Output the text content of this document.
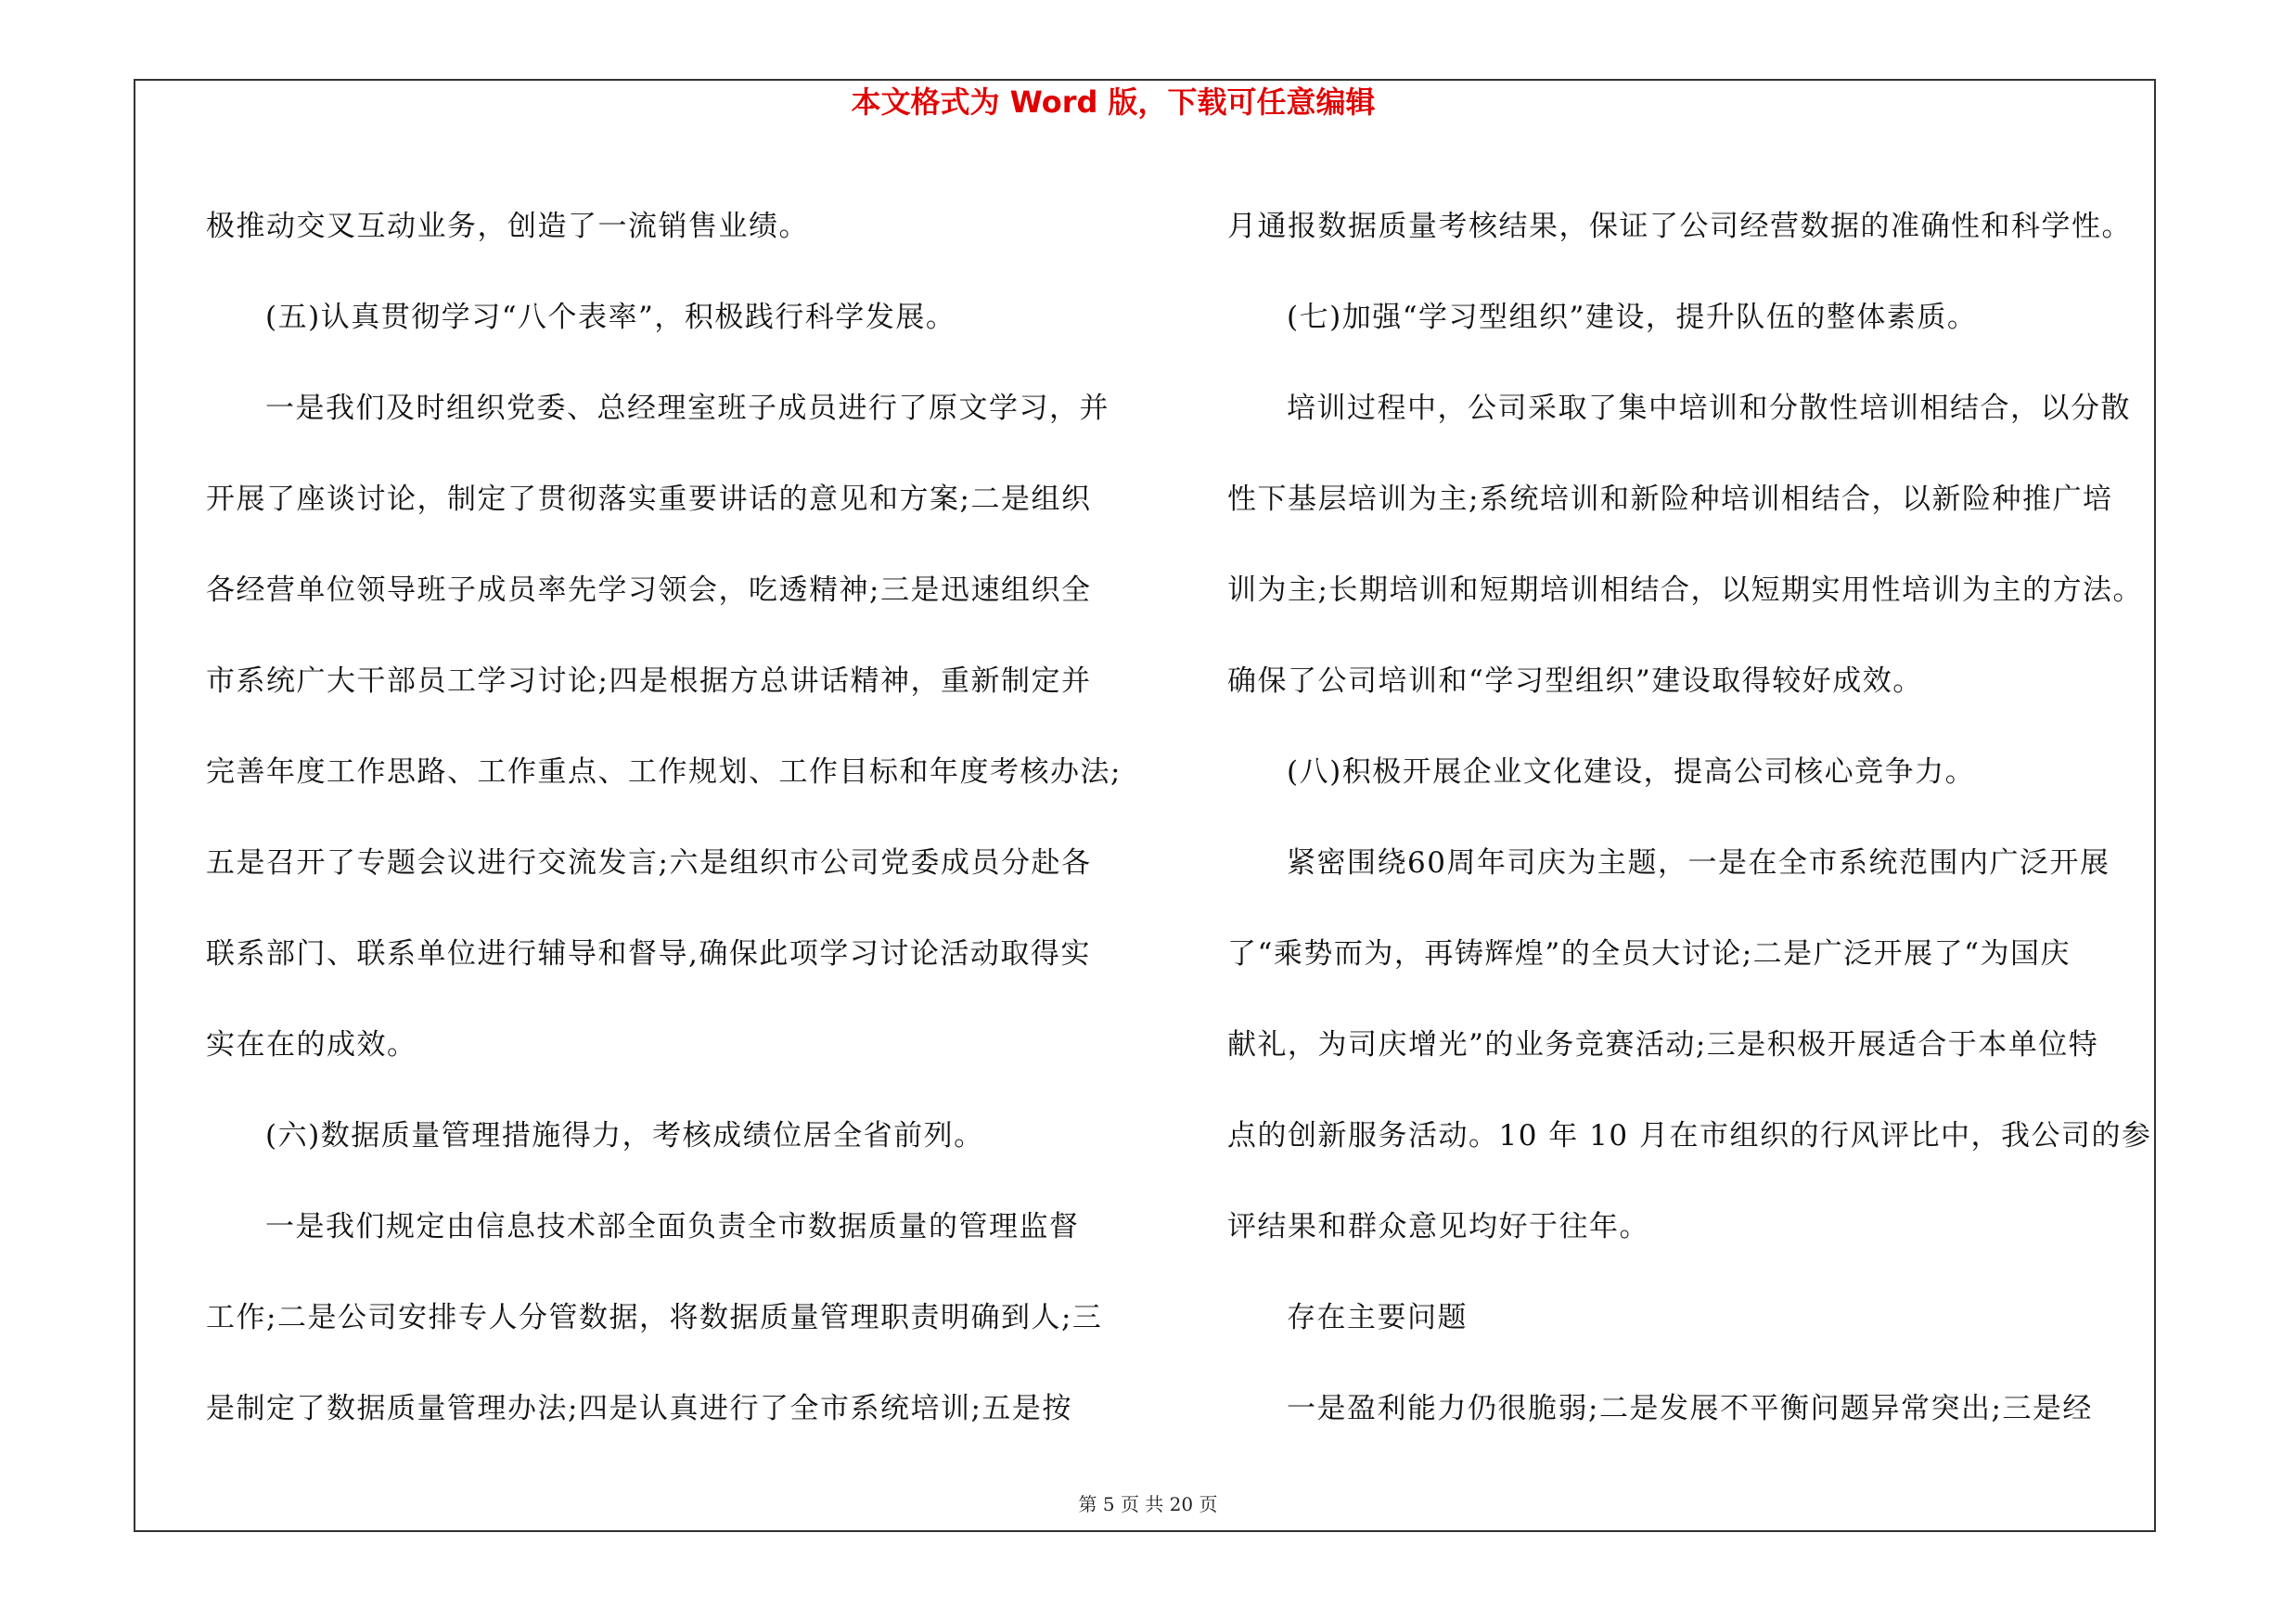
本文格式为 Word 版，下载可任意编辑
极推动交叉互动业务，创造了一流销售业绩。
(五)认真贯彻学习“八个表率”，积极践行科学发展。
一是我们及时组织党委、总经理室班子成员进行了原文学习，并
开展了座谈讨论，制定了贯彻落实重要讲话的意见和方案;二是组织
各经营单位领导班子成员率先学习领会，吃透精神;三是迅速组织全
市系统广大干部员工学习讨论;四是根据方总讲话精神，重新制定并
完善年度工作思路、工作重点、工作规划、工作目标和年度考核办法;
五是召开了专题会议进行交流发言;六是组织市公司党委成员分赴各
联系部门、联系单位进行辅导和督导,确保此项学习讨论活动取得实
实在在的成效。
(六)数据质量管理措施得力，考核成绩位居全省前列。
一是我们规定由信息技术部全面负责全市数据质量的管理监督
工作;二是公司安排专人分管数据，将数据质量管理职责明确到人;三
是制定了数据质量管理办法;四是认真进行了全市系统培训;五是按
月通报数据质量考核结果，保证了公司经营数据的准确性和科学性。
(七)加强“学习型组织”建设，提升队伍的整体素质。
培训过程中，公司采取了集中培训和分散性培训相结合，以分散
性下基层培训为主;系统培训和新险种培训相结合，以新险种推广培
训为主;长期培训和短期培训相结合，以短期实用性培训为主的方法。
确保了公司培训和“学习型组织”建设取得较好成效。
(八)积极开展企业文化建设，提高公司核心竞争力。
紧密围绕60周年司庆为主题，一是在全市系统范围内广泛开展
了“乘势而为，再铸辉煌”的全员大讨论;二是广泛开展了“为国庆
献礼，为司庆增光”的业务竞赛活动;三是积极开展适合于本单位特
点的创新服务活动。10 年 10 月在市组织的行风评比中，我公司的参
评结果和群众意见均好于往年。
存在主要问题
一是盈利能力仍很脆弱;二是发展不平衡问题异常突出;三是经
第 5 页 共 20 页
